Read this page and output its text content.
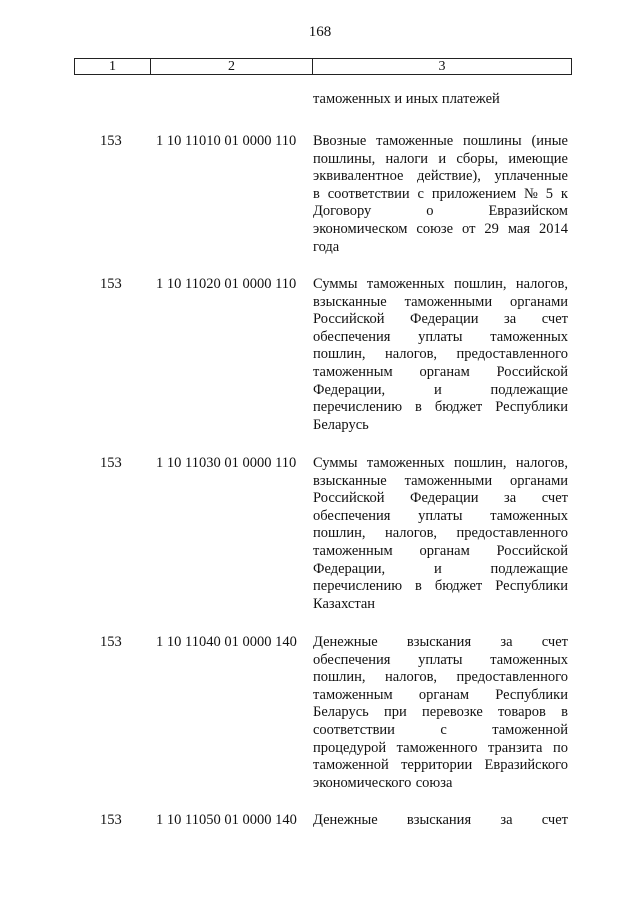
168
1	2	3
таможенных и иных платежей
153	1 10 11010 01 0000 110	Ввозные таможенные пошлины (иные
пошлины, налоги и сборы, имеющие
эквивалентное действие), уплаченные
в соответствии с приложением № 5 к
Договору	о	Евразийском
экономическом союзе от 29 мая 2014
года
153	1 10 11020 01 0000 110	Суммы таможенных пошлин, налогов,
взысканные таможенными органами
Российской Федерации за счет
обеспечения уплаты таможенных
пошлин, налогов, предоставленного
таможенным органам Российской
Федерации,	и	подлежащие
перечислению в бюджет Республики
Беларусь
153	1 10 11030 01 0000 110	Суммы таможенных пошлин, налогов,
взысканные таможенными органами
Российской Федерации за счет
обеспечения уплаты таможенных
пошлин, налогов, предоставленного
таможенным органам Российской
Федерации,	и	подлежащие
перечислению в бюджет Республики
Казахстан
153	1 10 11040 01 0000 140	Денежные взыскания за счет
обеспечения уплаты таможенных
пошлин, налогов, предоставленного
таможенным органам Республики
Беларусь при перевозке товаров в
соответствии	с	таможенной
процедурой таможенного транзита по
таможенной территории Евразийского
экономического союза
153	1 10 11050 01 0000 140	Денежные взыскания за счет
